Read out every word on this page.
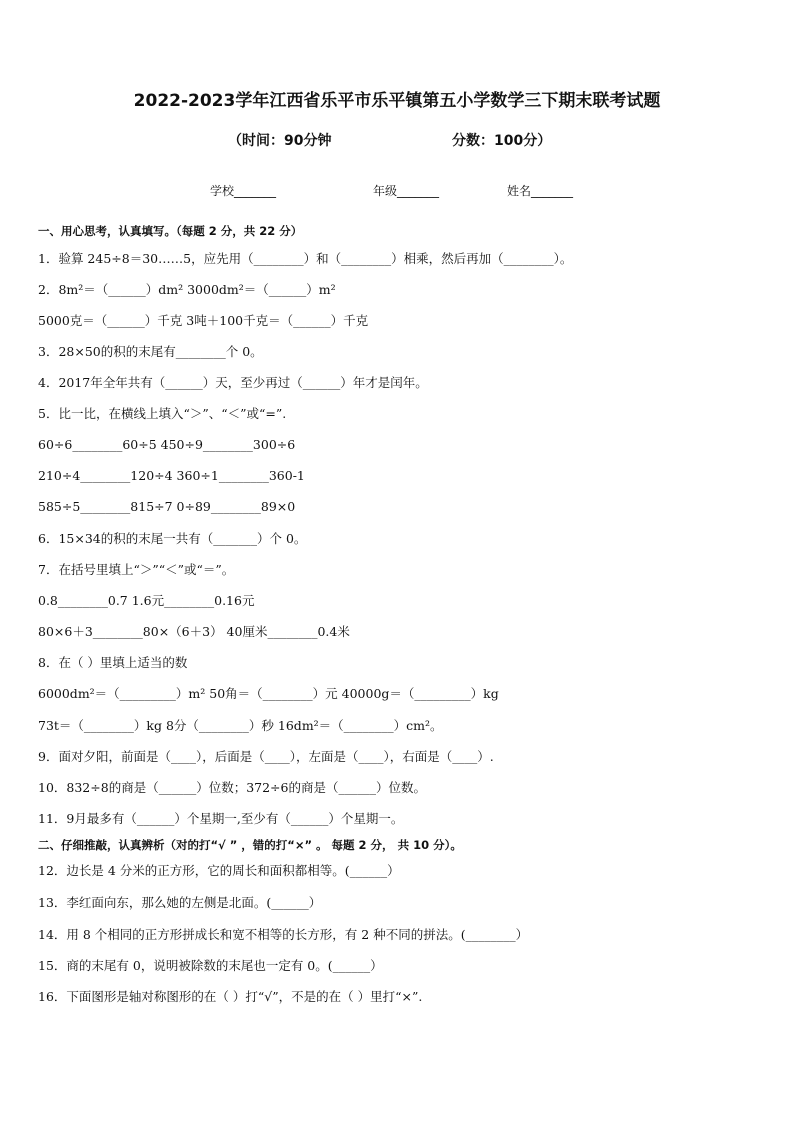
2022-2023学年江西省乐平市乐平镇第五小学数学三下期末联考试题
（时间：90分钟	分数：100分）
学校_______	年级_______	姓名_______
一、用心思考，认真填写。（每题 2 分，共 22 分）
1．验算 245÷8＝30……5，应先用（________）和（________）相乘，然后再加（________）。
2．8m²＝（______）dm² 3000dm²＝（______）m²
5000克＝（______）千克 3吨＋100千克＝（______）千克
3．28×50的积的末尾有________个 0。
4．2017年全年共有（______）天，至少再过（______）年才是闰年。
5．比一比，在横线上填入“＞”、“＜”或“=”.
60÷6________60÷5 450÷9________300÷6
210÷4________120÷4 360÷1________360-1
585÷5________815÷7 0÷89________89×0
6．15×34的积的末尾一共有（_______）个 0。
7．在括号里填上“＞”“＜”或“＝”。
0.8________0.7 1.6元________0.16元
80×6＋3________80×（6＋3） 40厘米________0.4米
8．在（ ）里填上适当的数
6000dm²＝（_________）m² 50角＝（________）元 40000g＝（_________）kg
73t＝（________）kg 8分（________）秒 16dm²＝（________）cm²。
9．面对夕阳，前面是（____），后面是（____），左面是（____），右面是（____）.
10．832÷8的商是（______）位数；372÷6的商是（______）位数。
11．9月最多有（______）个星期一,至少有（______）个星期一。
二、仔细推敲，认真辨析（对的打“√ ” ，错的打“×” 。 每题 2 分， 共 10 分）。
12．边长是 4 分米的正方形，它的周长和面积都相等。(______）
13．李红面向东，那么她的左侧是北面。(______）
14．用 8 个相同的正方形拼成长和宽不相等的长方形，有 2 种不同的拼法。(________）
15．商的末尾有 0，说明被除数的末尾也一定有 0。(______）
16．下面图形是轴对称图形的在（ ）打“√”，不是的在（ ）里打“×”.
